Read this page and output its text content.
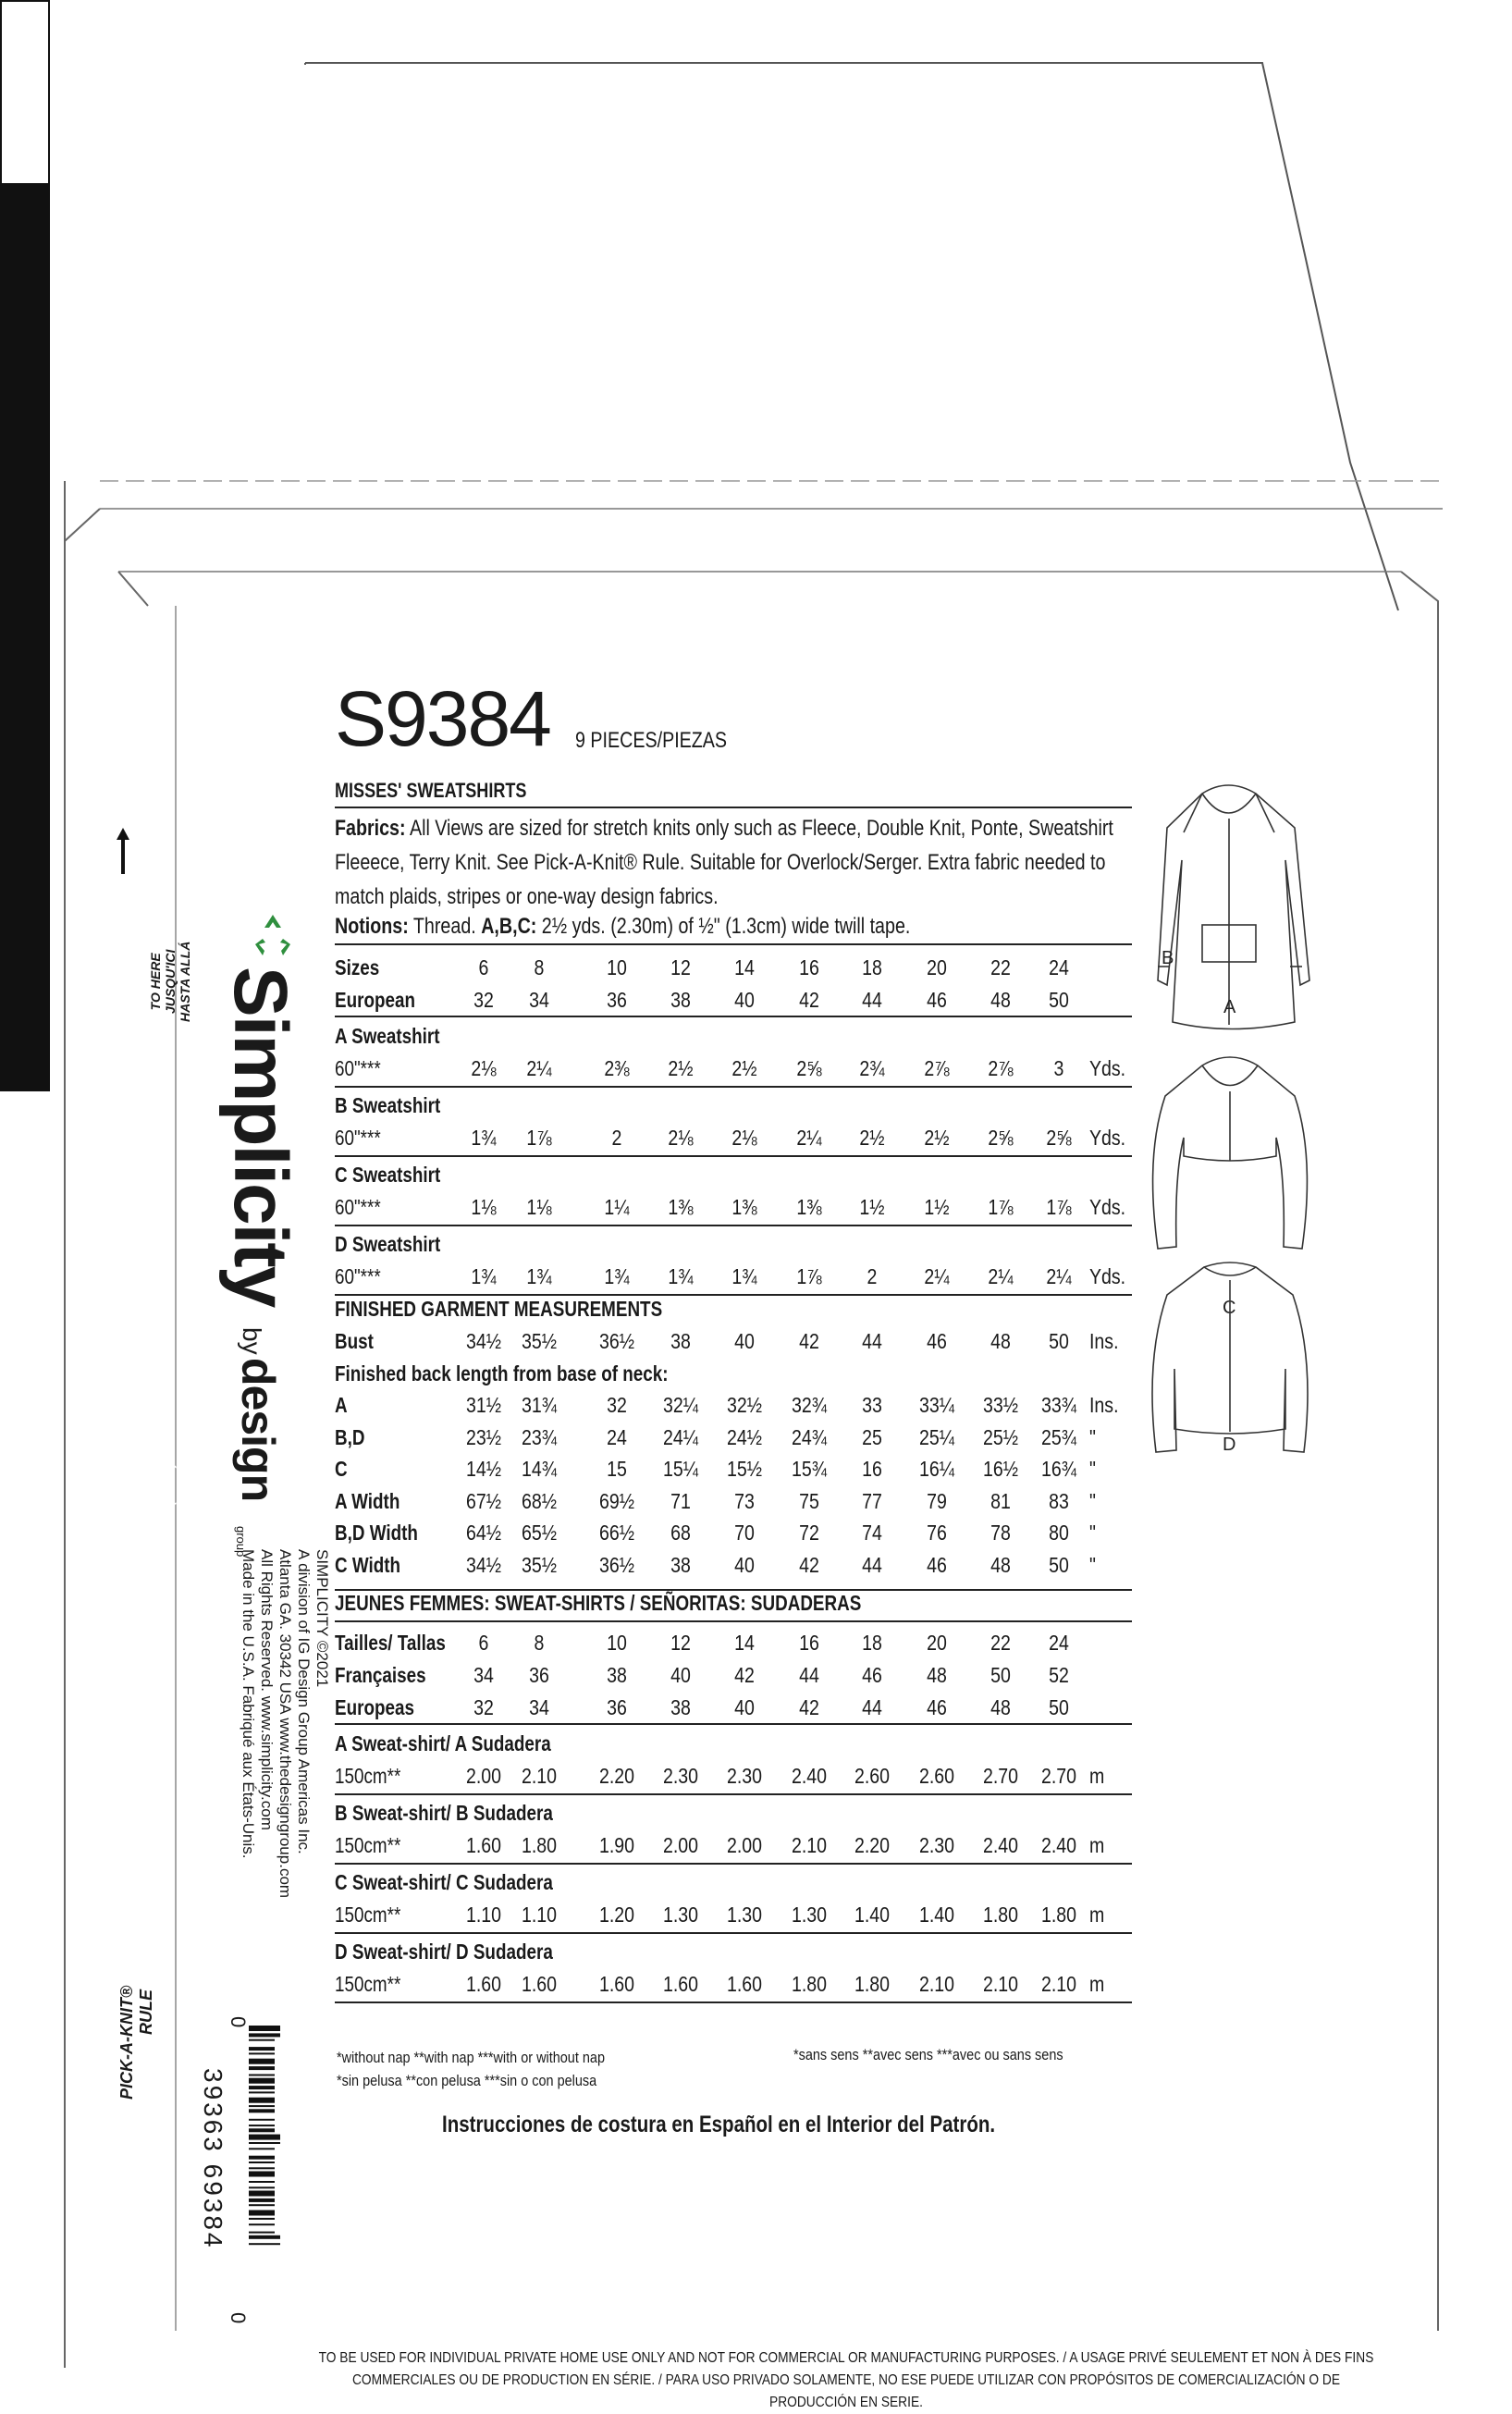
S9384 9 PIECES/PIEZAS
MISSES' SWEATSHIRTS
Fabrics: All Views are sized for stretch knits only such as Fleece, Double Knit, Ponte, Sweatshirt Fleeece, Terry Knit. See Pick-A-Knit® Rule. Suitable for Overlock/Serger. Extra fabric needed to match plaids, stripes or one-way design fabrics.
Notions: Thread. A,B,C: 2½ yds. (2.30m) of ½" (1.3cm) wide twill tape.
Sizes	6	8	10	12	14	16	18	20	22	24
European	32	34	36	38	40	42	44	46	48	50
A Sweatshirt
60"***	2⅛	2¼	2⅜	2½	2½	2⅝	2¾	2⅞	2⅞	3	Yds.
B Sweatshirt
60"***	1¾	1⅞	2	2⅛	2⅛	2¼	2½	2½	2⅝	2⅝ Yds.
C Sweatshirt
60"***	1⅛	1⅛	1¼	1⅜	1⅜	1⅜	1½	1½	1⅞	1⅞ Yds.
D Sweatshirt
60"***	1¾	1¾	1¾	1¾	1¾	1⅞	2	2¼	2¼	2¼ Yds.
FINISHED GARMENT MEASUREMENTS
Bust	34½ 35½ 36½	38	40	42	44	46	48	50 Ins.
Finished back length from base of neck:
A	31½ 31¾	32	32¼ 32½ 32¾	33	33¼ 33½ 33¾ Ins.
B,D	23½ 23¾	24	24¼ 24½ 24¾	25	25¼ 25½ 25¾ "
C	14½ 14¾	15	15¼ 15½ 15¾	16	16¼ 16½ 16¾ "
A Width	67½ 68½ 69½	71	73	75	77	79	81	83 "
B,D Width 64½ 65½ 66½	68	70	72	74	76	78	80 "
C Width	34½ 35½ 36½	38	40	42	44	46	48	50 "
JEUNES FEMMES: SWEAT-SHIRTS / SEÑORITAS: SUDADERAS
Tailles/ Tallas	6	8	10	12	14	16	18	20	22	24
Françaises	34	36	38	40	42	44	46	48	50	52
Europeas	32	34	36	38	40	42	44	46	48	50
A Sweat-shirt/ A Sudadera
150cm**	2.00 2.10 2.20 2.30 2.30 2.40 2.60 2.60 2.70 2.70 m
B Sweat-shirt/ B Sudadera
150cm**	1.60 1.80 1.90 2.00 2.00 2.10 2.20 2.30 2.40 2.40 m
C Sweat-shirt/ C Sudadera
150cm**	1.10 1.10 1.20 1.30 1.30 1.30 1.40 1.40 1.80 1.80 m
D Sweat-shirt/ D Sudadera
150cm**	1.60 1.60 1.60 1.60 1.60 1.80 1.80 2.10 2.10 2.10 m
*without nap **with nap ***with or without nap
*sin pelusa **con pelusa ***sin o con pelusa
*sans sens **avec sens ***avec ou sans sens
Instrucciones de costura en Español en el Interior del Patrón.
TO BE USED FOR INDIVIDUAL PRIVATE HOME USE ONLY AND NOT FOR COMMERCIAL OR MANUFACTURING PURPOSES. / A USAGE PRIVÉ SEULEMENT ET NON À DES FINS COMMERCIALES OU DE PRODUCTION EN SÉRIE. / PARA USO PRIVADO SOLAMENTE, NO ESE PUEDE UTILIZAR CON PROPÓSITOS DE COMERCIALIZACIÓN O DE PRODUCCIÓN EN SERIE.
B
A
C
D
Simplicity
by
design
group
SIMPLICITY ©2021
A division of IG Design Group Americas Inc.
Atlanta GA. 30342 USA www.thedesigngroup.com
All Rights Reserved. www.simplicity.com
Made in the U.S.A. Fabriqué aux États-Unis.
TO HERE JUSQU'ICI HASTA ALLÁ
FOR THIS PATTERN - 4" (10 cm) OF KNIT FABRIC MUST STRETCH CROSSWISE FROM HERE POUR CE PATRON - LE JERSEY DOIT S'ÉTIRER DANS LA LARGEUR DE 4" (10 cm) DEPUIS ICI PARA ESTE PATRÓN - LAS MALLAS DEBEN ESTIRARSE A LO ANCHO POR 4" (10 cm) DESDE AQUÍ
PICK-A-KNIT® RULE	0
39363 69384
0
